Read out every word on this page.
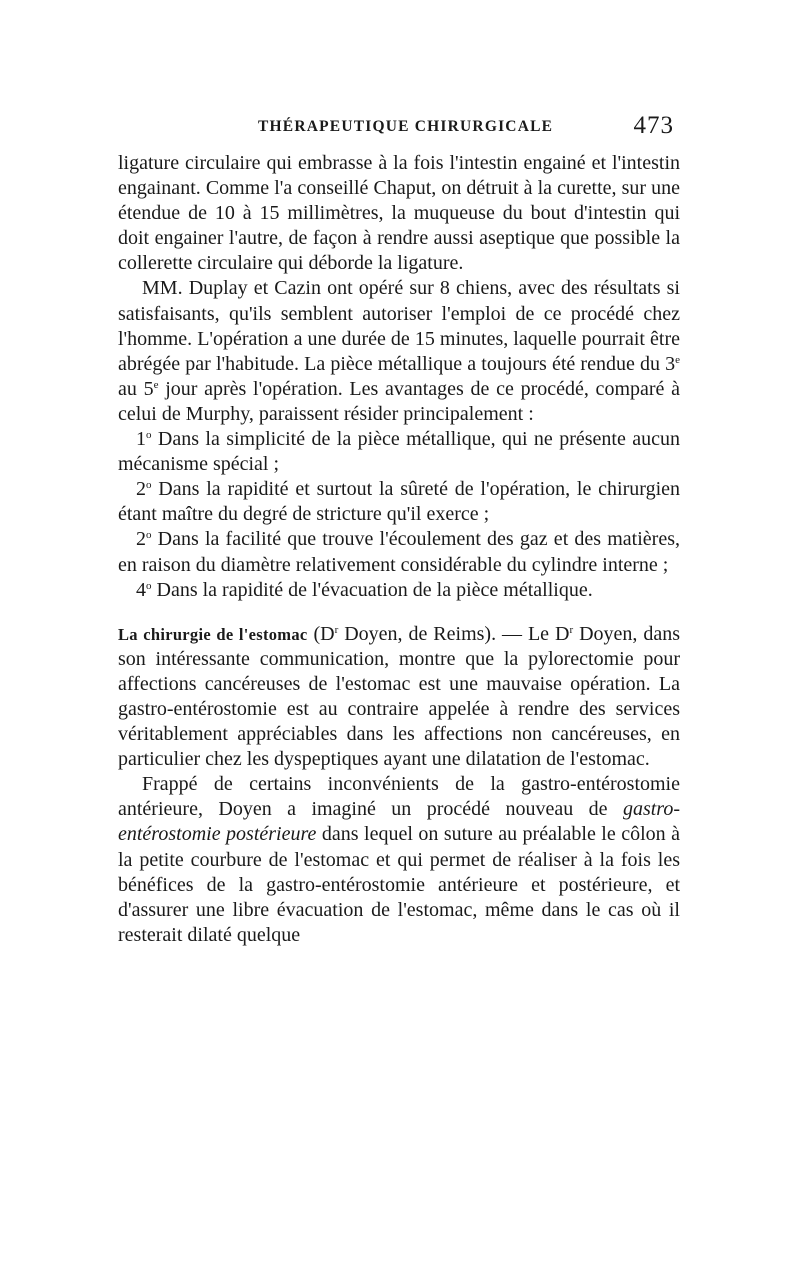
THÉRAPEUTIQUE CHIRURGICALE	473

ligature circulaire qui embrasse à la fois l'intestin engainé et l'intestin engainant. Comme l'a conseillé Chaput, on détruit à la curette, sur une étendue de 10 à 15 millimètres, la muqueuse du bout d'intestin qui doit engainer l'autre, de façon à rendre aussi aseptique que possible la collerette circulaire qui déborde la ligature.

MM. Duplay et Cazin ont opéré sur 8 chiens, avec des résultats si satisfaisants, qu'ils semblent autoriser l'emploi de ce procédé chez l'homme. L'opération a une durée de 15 minutes, laquelle pourrait être abrégée par l'habitude. La pièce métallique a toujours été rendue du 3e au 5e jour après l'opération. Les avantages de ce procédé, comparé à celui de Murphy, paraissent résider principalement :

1$^o$ Dans la simplicité de la pièce métallique, qui ne présente aucun mécanisme spécial ;

2$^o$ Dans la rapidité et surtout la sûreté de l'opération, le chirurgien étant maître du degré de stricture qu'il exerce ;

2$^o$ Dans la facilité que trouve l'écoulement des gaz et des matières, en raison du diamètre relativement considérable du cylindre interne ;

4$^o$ Dans la rapidité de l'évacuation de la pièce métallique.

La chirurgie de l'estomac ($D^r$ Doyen, de Reims). — Le $D^r$ Doyen, dans son intéressante communication, montre que la pylorectomie pour affections cancéreuses de l'estomac est une mauvaise opération. La gastro-entérostomie est au contraire appelée à rendre des services véritablement appréciables dans les affections non cancéreuses, en particulier chez les dyspeptiques ayant une dilatation de l'estomac.

Frappé de certains inconvénients de la gastro-entérostomie antérieure, Doyen a imaginé un procédé nouveau de gastro-entérostomie postérieure dans lequel on suture au préalable le côlon à la petite courbure de l'estomac et qui permet de réaliser à la fois les bénéfices de la gastro-entérostomie antérieure et postérieure, et d'assurer une libre évacuation de l'estomac, même dans le cas où il resterait dilaté quelque
